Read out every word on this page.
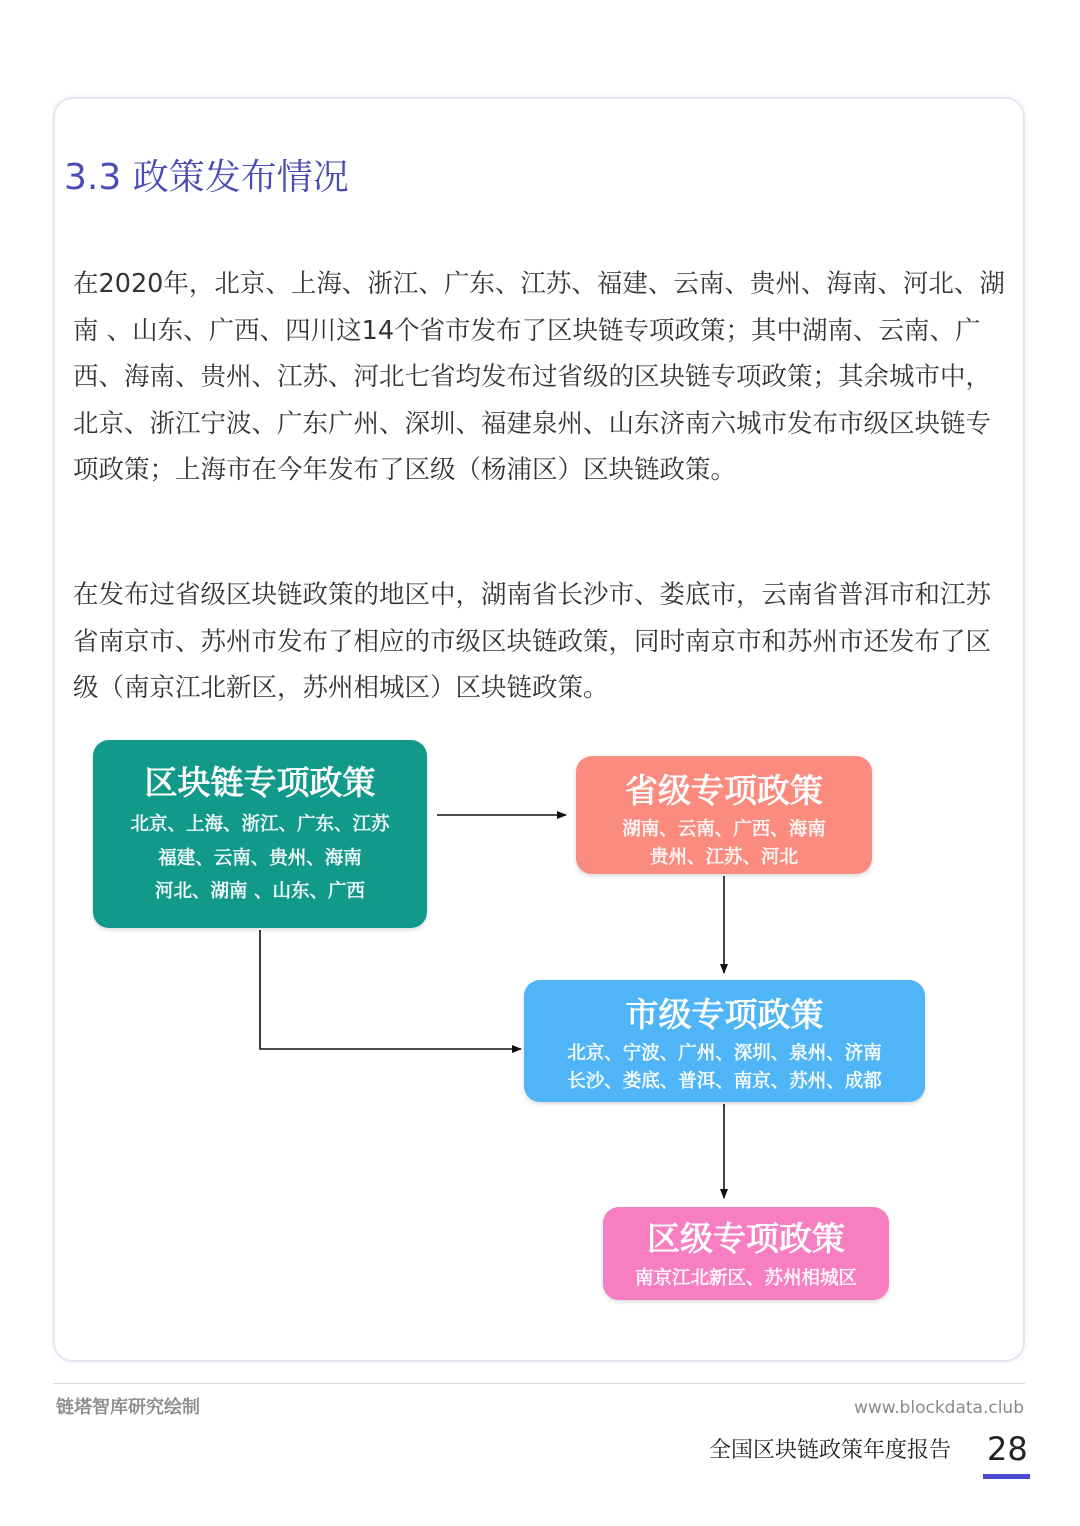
3.3 政策发布情况

在2020年，北京、上海、浙江、广东、江苏、福建、云南、贵州、海南、河北、湖南 、山东、广西、四川这14个省市发布了区块链专项政策；其中湖南、云南、广西、海南、贵州、江苏、河北七省均发布过省级的区块链专项政策；其余城市中，北京、浙江宁波、广东广州、深圳、福建泉州、山东济南六城市发布市级区块链专项政策；上海市在今年发布了区级（杨浦区）区块链政策。

在发布过省级区块链政策的地区中，湖南省长沙市、娄底市，云南省普洱市和江苏省南京市、苏州市发布了相应的市级区块链政策，同时南京市和苏州市还发布了区级（南京江北新区，苏州相城区）区块链政策。

区块链专项政策
北京、上海、浙江、广东、江苏
福建、云南、贵州、海南
河北、湖南 、山东、广西
省级专项政策
湖南、云南、广西、海南
贵州、江苏、河北
市级专项政策
北京、宁波、广州、深圳、泉州、济南
长沙、娄底、普洱、南京、苏州、成都
区级专项政策
南京江北新区、苏州相城区
链塔智库研究绘制	www.blockdata.club
全国区块链政策年度报告 28
